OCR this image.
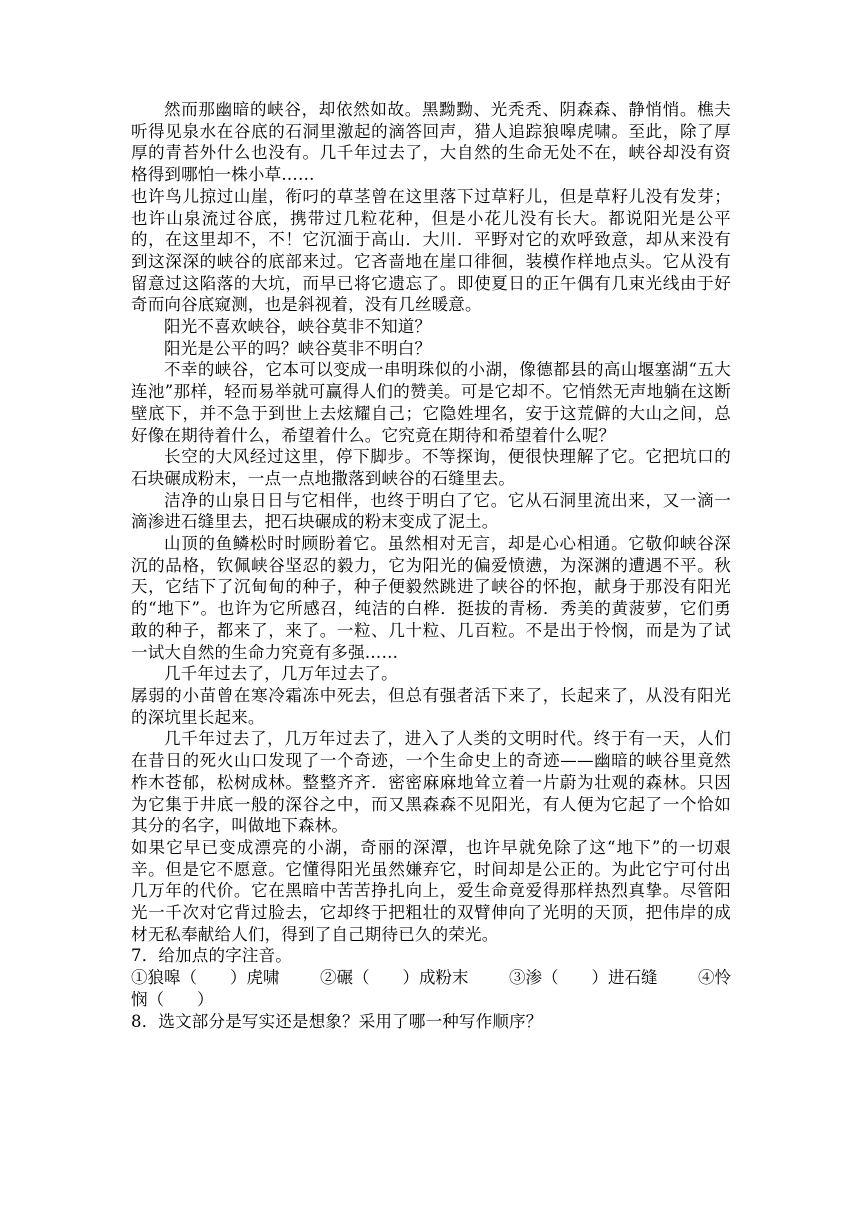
然而那幽暗的峡谷，却依然如故。黑黝黝、光秃秃、阴森森、静悄悄。樵夫听得见泉水在谷底的石洞里激起的滴答回声，猎人追踪狼嗥虎啸。至此，除了厚厚的青苔外什么也没有。几千年过去了，大自然的生命无处不在，峡谷却没有资格得到哪怕一株小草……

也许鸟儿掠过山崖，衔叼的草茎曾在这里落下过草籽儿，但是草籽儿没有发芽；也许山泉流过谷底，携带过几粒花种，但是小花儿没有长大。都说阳光是公平的，在这里却不，不！它沉湎于高山．大川．平野对它的欢呼致意，却从来没有到这深深的峡谷的底部来过。它吝啬地在崖口徘徊，装模作样地点头。它从没有留意过这陷落的大坑，而早已将它遗忘了。即使夏日的正午偶有几束光线由于好奇而向谷底窥测，也是斜视着，没有几丝暖意。

阳光不喜欢峡谷，峡谷莫非不知道？

阳光是公平的吗？峡谷莫非不明白？

不幸的峡谷，它本可以变成一串明珠似的小湖，像德都县的高山堰塞湖“五大连池”那样，轻而易举就可赢得人们的赞美。可是它却不。它悄然无声地躺在这断壁底下，并不急于到世上去炫耀自己；它隐姓埋名，安于这荒僻的大山之间，总好像在期待着什么，希望着什么。它究竟在期待和希望着什么呢？

长空的大风经过这里，停下脚步。不等探询，便很快理解了它。它把坑口的石块碾成粉末，一点一点地撒落到峡谷的石缝里去。

洁净的山泉日日与它相伴，也终于明白了它。它从石洞里流出来，又一滴一滴渗进石缝里去，把石块碾成的粉末变成了泥土。

山顶的鱼鳞松时时顾盼着它。虽然相对无言，却是心心相通。它敬仰峡谷深沉的品格，钦佩峡谷坚忍的毅力，它为阳光的偏爱愤懑，为深渊的遭遇不平。秋天，它结下了沉甸甸的种子，种子便毅然跳进了峡谷的怀抱，献身于那没有阳光的“地下”。也许为它所感召，纯洁的白桦．挺拔的青杨．秀美的黄菠萝，它们勇敢的种子，都来了，来了。一粒、几十粒、几百粒。不是出于怜悯，而是为了试一试大自然的生命力究竟有多强……

几千年过去了，几万年过去了。

孱弱的小苗曾在寒冷霜冻中死去，但总有强者活下来了，长起来了，从没有阳光的深坑里长起来。

几千年过去了，几万年过去了，进入了人类的文明时代。终于有一天，人们在昔日的死火山口发现了一个奇迹，一个生命史上的奇迹——幽暗的峡谷里竟然柞木苍郁，松树成林。整整齐齐．密密麻麻地耸立着一片蔚为壮观的森林。只因为它集于井底一般的深谷之中，而又黑森森不见阳光，有人便为它起了一个恰如其分的名字，叫做地下森林。

如果它早已变成漂亮的小湖，奇丽的深潭，也许早就免除了这“地下”的一切艰辛。但是它不愿意。它懂得阳光虽然嫌弃它，时间却是公正的。为此它宁可付出几万年的代价。它在黑暗中苦苦挣扎向上，爱生命竟爱得那样热烈真挚。尽管阳光一千次对它背过脸去，它却终于把粗壮的双臂伸向了光明的天顶，把伟岸的成材无私奉献给人们，得到了自己期待已久的荣光。

7．给加点的字注音。

①狼嗥（　　）虎啸 ②碾（　　）成粉末 ③渗（　　）进石缝 ④怜

悯（　　）

8．选文部分是写实还是想象？采用了哪一种写作顺序？
